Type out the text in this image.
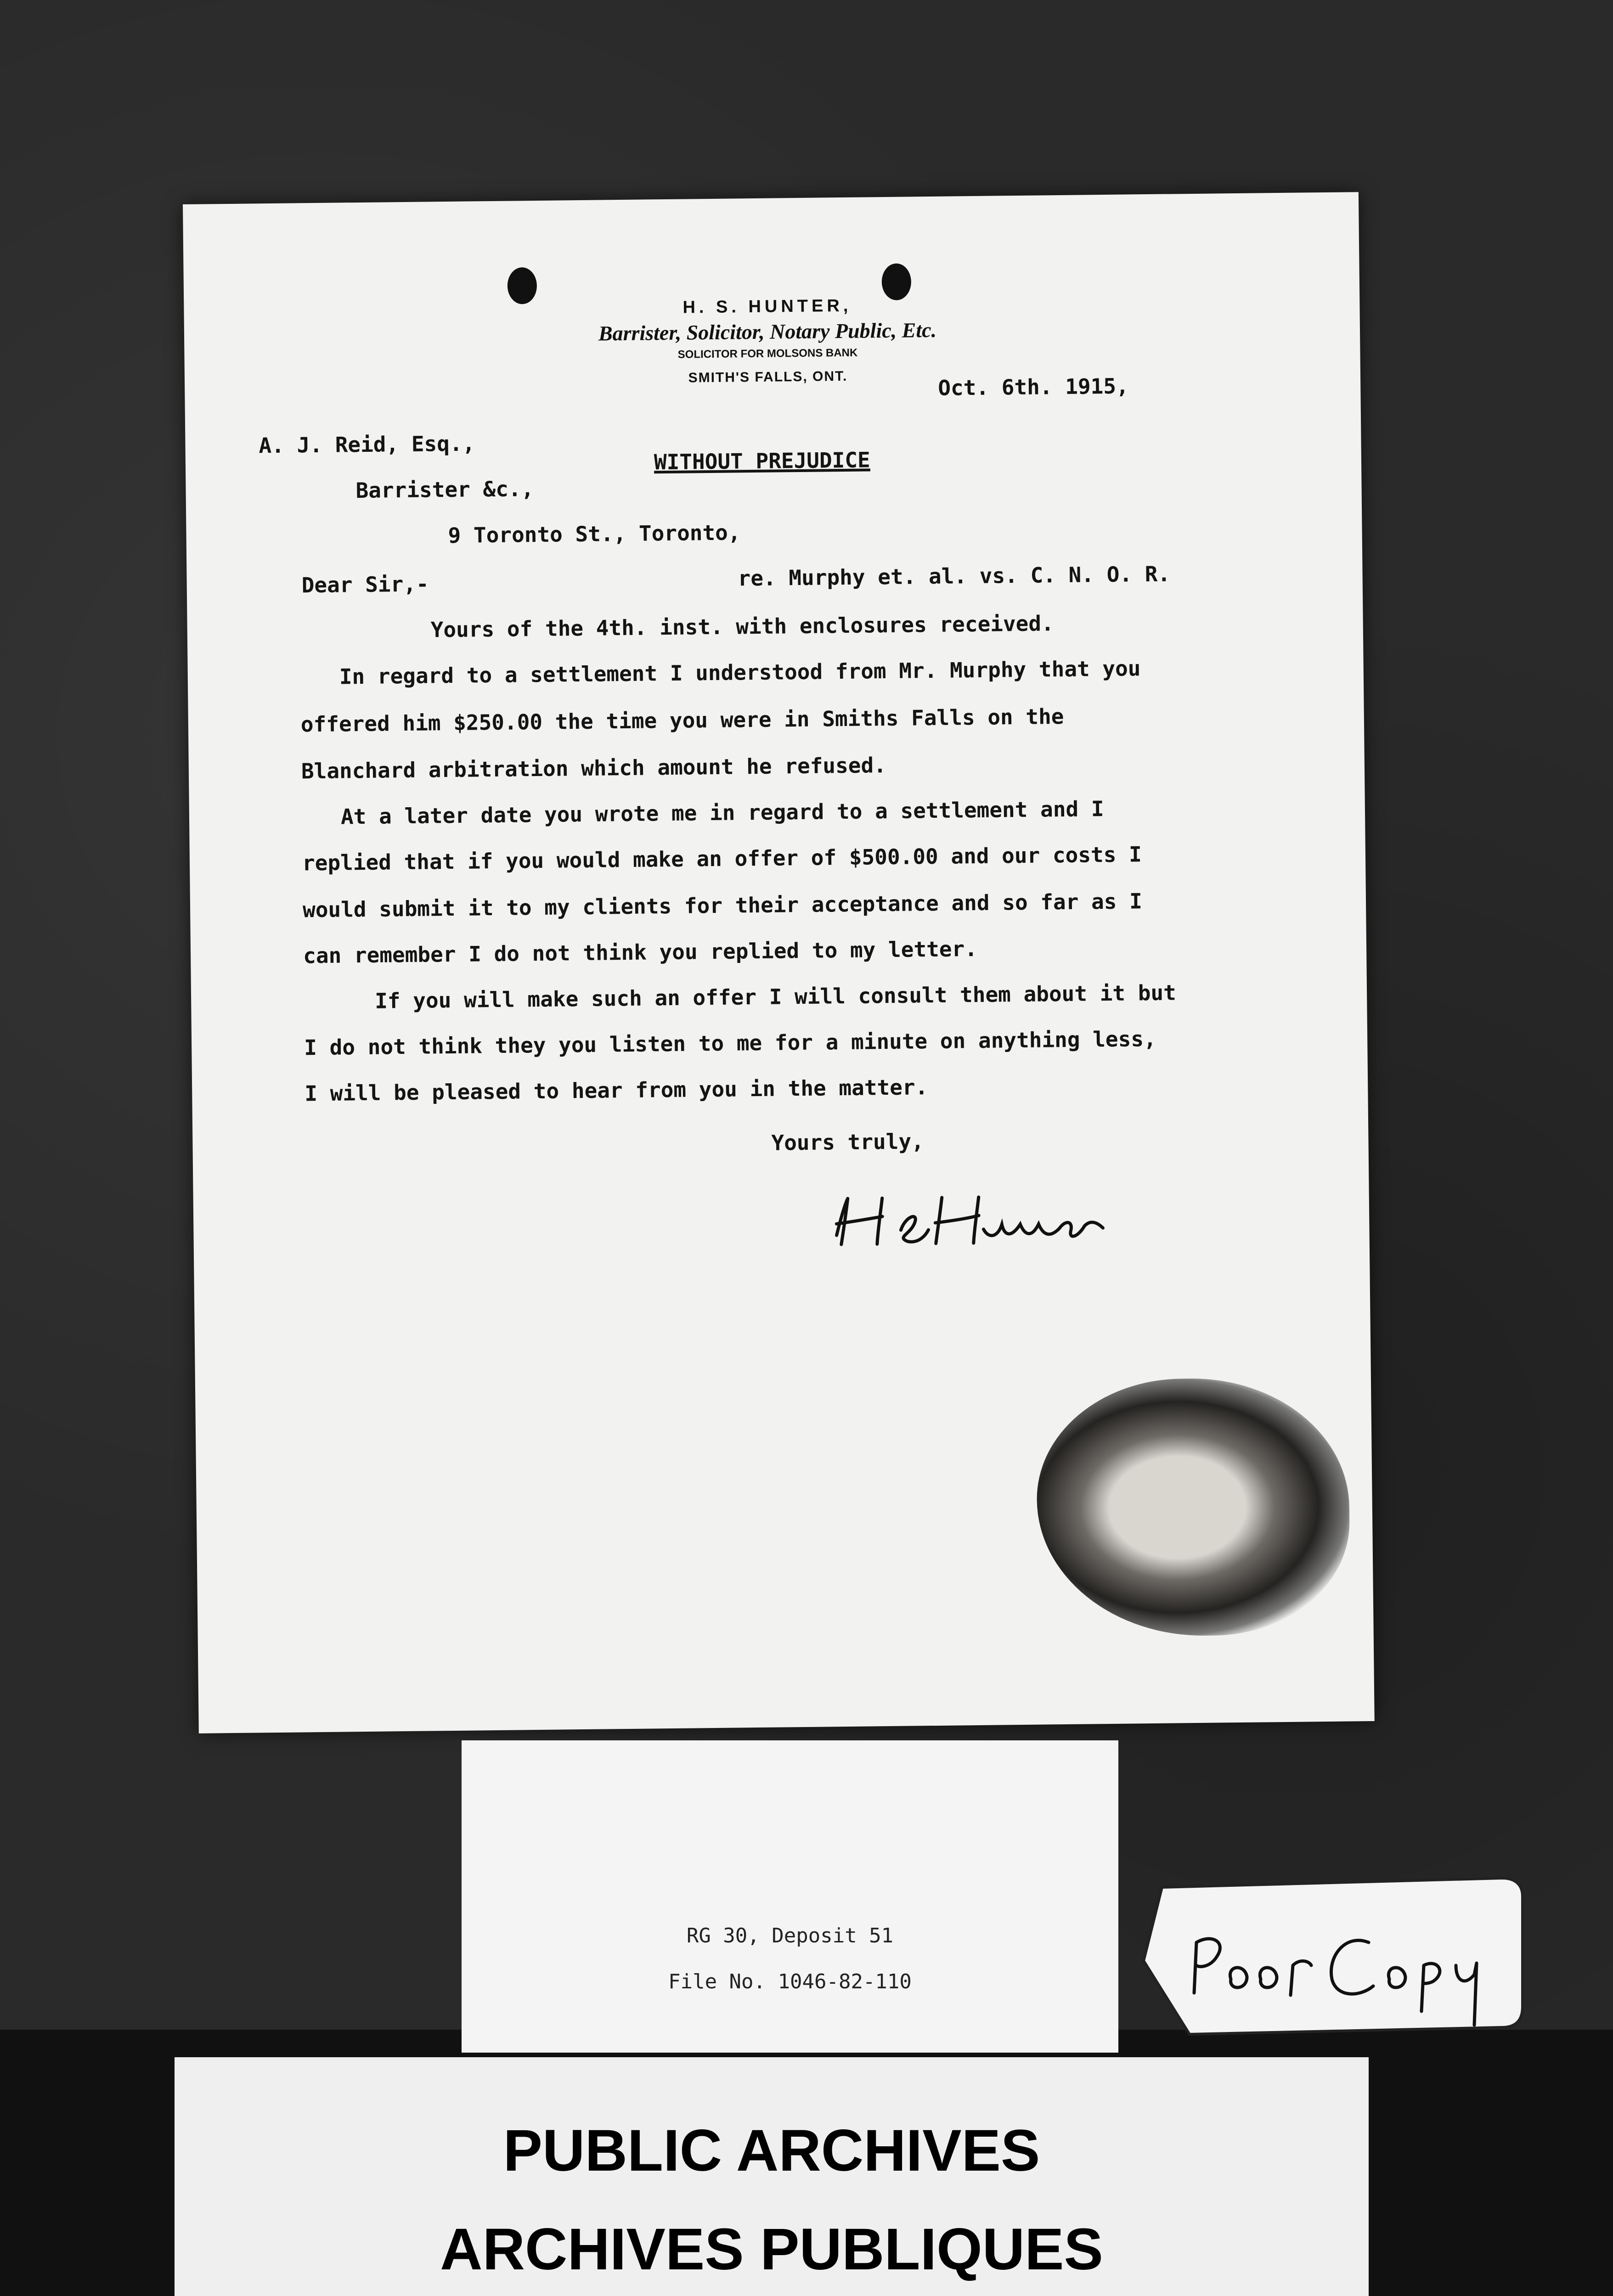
H. S. HUNTER,
Barrister, Solicitor, Notary Public, Etc.
SOLICITOR FOR MOLSONS BANK
SMITH'S FALLS, ONT.	Oct. 6th. 1915,
A. J. Reid, Esq.,
WITHOUT PREJUDICE
Barrister &c.,
9 Toronto St., Toronto,
Dear Sir,-	re. Murphy et. al. vs. C. N. O. R.
Yours of the 4th. inst. with enclosures received.
In regard to a settlement I understood from Mr. Murphy that you
offered him $250.00 the time you were in Smiths Falls on the
Blanchard arbitration which amount he refused.
At a later date you wrote me in regard to a settlement and I
replied that if you would make an offer of $500.00 and our costs I
would submit it to my clients for their acceptance and so far as I
can remember I do not think you replied to my letter.
If you will make such an offer I will consult them about it but
I do not think they you listen to me for a minute on anything less,
I will be pleased to hear from you in the matter.
Yours truly,
RG 30, Deposit 51
File No. 1046-82-110
PUBLIC ARCHIVES
ARCHIVES PUBLIQUES
